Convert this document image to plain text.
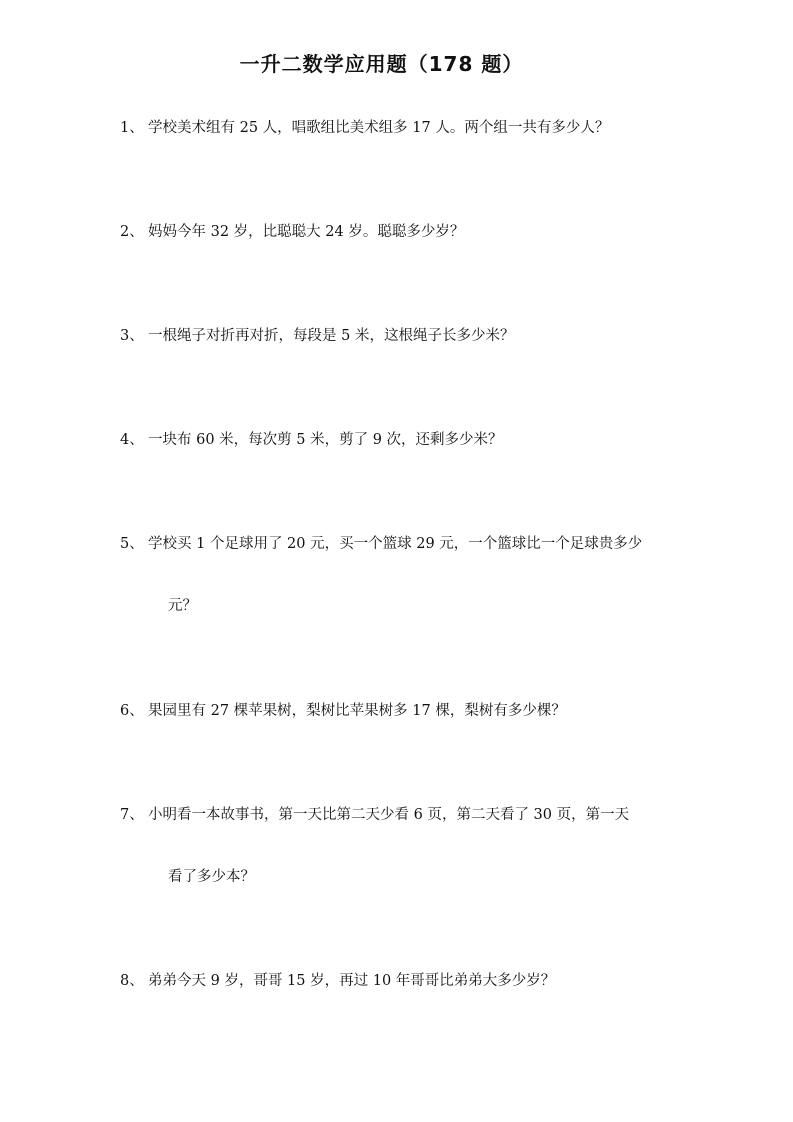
一升二数学应用题（178 题）
1、 学校美术组有 25 人，唱歌组比美术组多 17 人。两个组一共有多少人？
2、 妈妈今年 32 岁，比聪聪大 24 岁。聪聪多少岁？
3、 一根绳子对折再对折，每段是 5 米，这根绳子长多少米？
4、 一块布 60 米，每次剪 5 米，剪了 9 次，还剩多少米？
5、 学校买 1 个足球用了 20 元，买一个篮球 29 元，一个篮球比一个足球贵多少
元？
6、 果园里有 27 棵苹果树，梨树比苹果树多 17 棵，梨树有多少棵？
7、 小明看一本故事书，第一天比第二天少看 6 页，第二天看了 30 页，第一天
看了多少本？
8、 弟弟今天 9 岁，哥哥 15 岁，再过 10 年哥哥比弟弟大多少岁？
